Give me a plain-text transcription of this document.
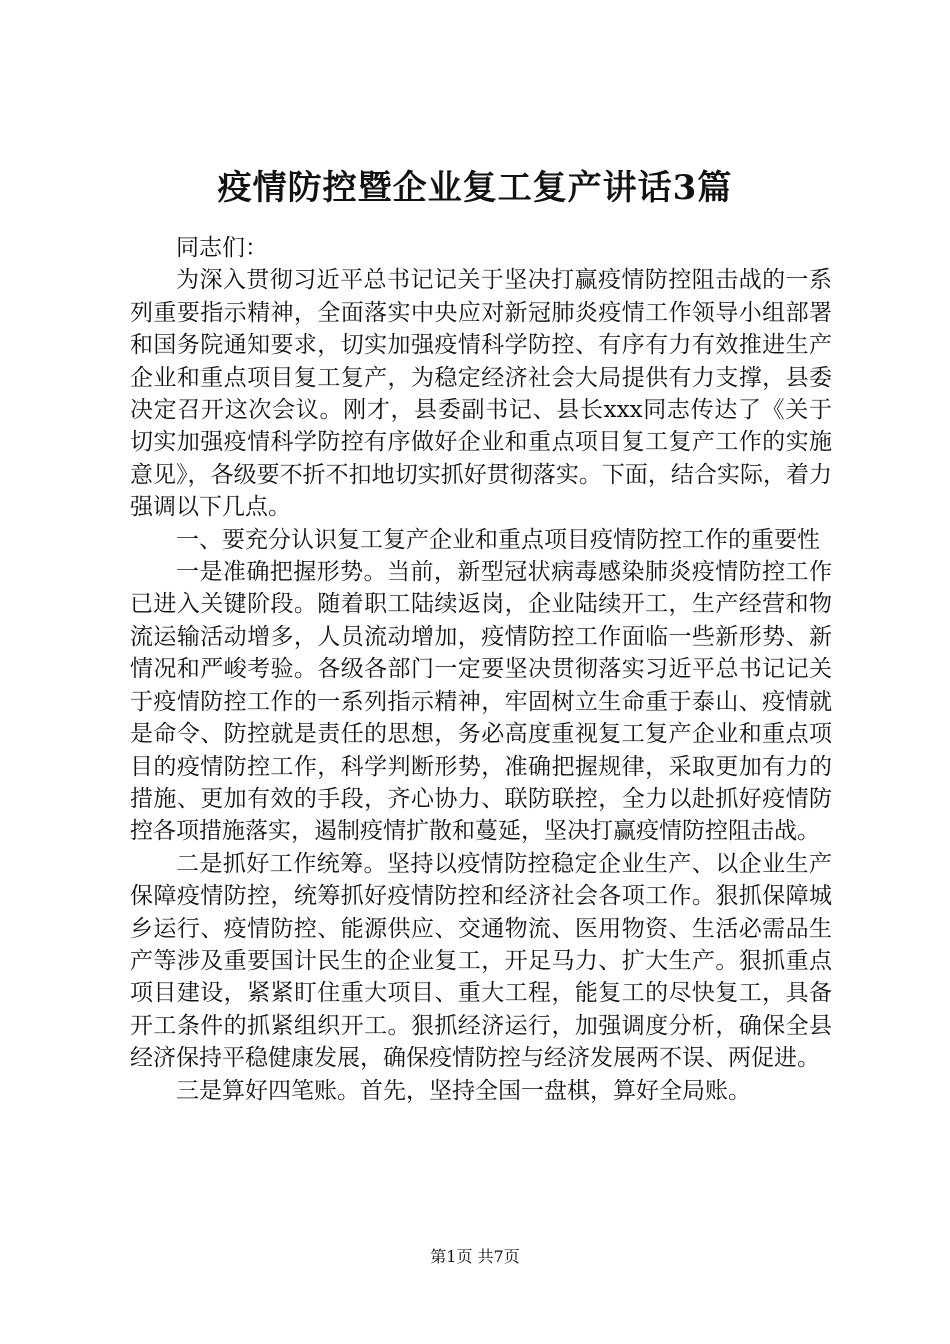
疫情防控暨企业复工复产讲话3篇

同志们：

为深入贯彻习近平总书记记关于坚决打赢疫情防控阻击战的一系列重要指示精神，全面落实中央应对新冠肺炎疫情工作领导小组部署和国务院通知要求，切实加强疫情科学防控、有序有力有效推进生产企业和重点项目复工复产，为稳定经济社会大局提供有力支撑，县委决定召开这次会议。刚才，县委副书记、县长xxx同志传达了《关于切实加强疫情科学防控有序做好企业和重点项目复工复产工作的实施意见》，各级要不折不扣地切实抓好贯彻落实。下面，结合实际，着力强调以下几点。

一、要充分认识复工复产企业和重点项目疫情防控工作的重要性

一是准确把握形势。当前，新型冠状病毒感染肺炎疫情防控工作已进入关键阶段。随着职工陆续返岗，企业陆续开工，生产经营和物流运输活动增多，人员流动增加，疫情防控工作面临一些新形势、新情况和严峻考验。各级各部门一定要坚决贯彻落实习近平总书记记关于疫情防控工作的一系列指示精神，牢固树立生命重于泰山、疫情就是命令、防控就是责任的思想，务必高度重视复工复产企业和重点项目的疫情防控工作，科学判断形势，准确把握规律，采取更加有力的措施、更加有效的手段，齐心协力、联防联控，全力以赴抓好疫情防控各项措施落实，遏制疫情扩散和蔓延，坚决打赢疫情防控阻击战。

二是抓好工作统筹。坚持以疫情防控稳定企业生产、以企业生产保障疫情防控，统筹抓好疫情防控和经济社会各项工作。狠抓保障城乡运行、疫情防控、能源供应、交通物流、医用物资、生活必需品生产等涉及重要国计民生的企业复工，开足马力、扩大生产。狠抓重点项目建设，紧紧盯住重大项目、重大工程，能复工的尽快复工，具备开工条件的抓紧组织开工。狠抓经济运行，加强调度分析，确保全县经济保持平稳健康发展，确保疫情防控与经济发展两不误、两促进。

三是算好四笔账。首先，坚持全国一盘棋，算好全局账。

第1页 共7页
